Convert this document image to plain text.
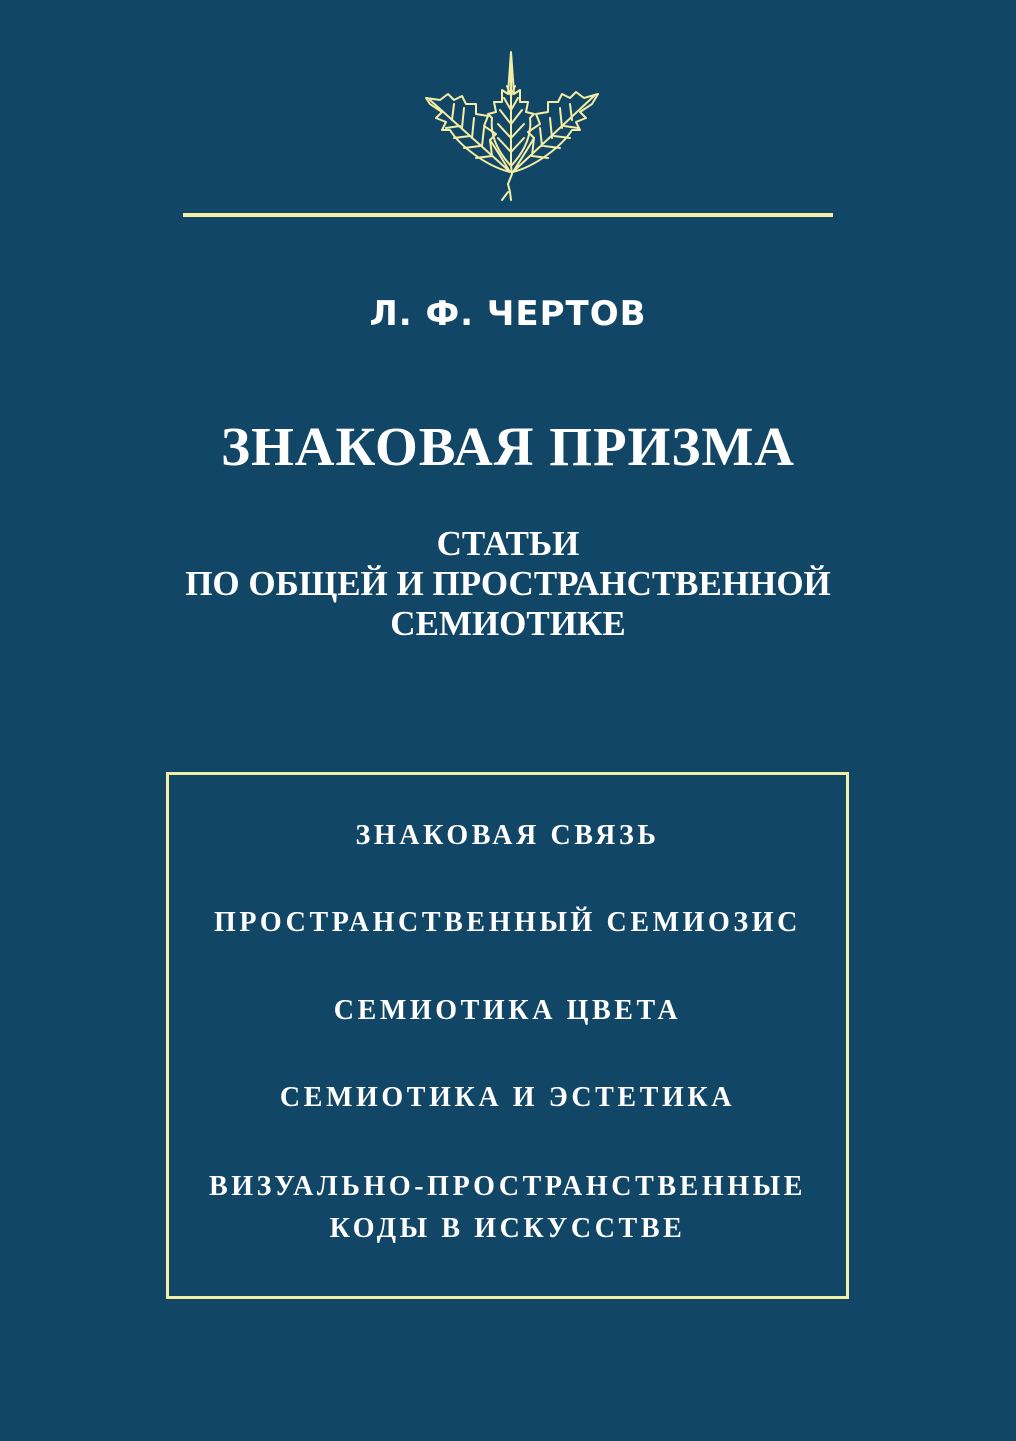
Л. Ф. ЧЕРТОВ
ЗНАКОВАЯ ПРИЗМА
СТАТЬИ
ПО ОБЩЕЙ И ПРОСТРАНСТВЕННОЙ
СЕМИОТИКЕ
ЗНАКОВАЯ СВЯЗЬ
ПРОСТРАНСТВЕННЫЙ СЕМИОЗИС
СЕМИОТИКА ЦВЕТА
СЕМИОТИКА И ЭСТЕТИКА
ВИЗУАЛЬНО-ПРОСТРАНСТВЕННЫЕ
КОДЫ В ИСКУССТВЕ
